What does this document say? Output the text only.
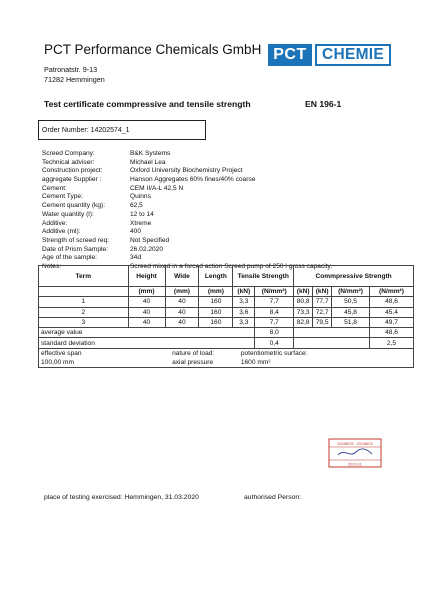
PCT Performance Chemicals GmbH
Patronatstr. 9-13
71282 Hemmingen
PCT CHEMIE
Test certificate commpressive and tensile strength	EN 196-1
Order Number: 14202574_1
Screed Company:	B&K Systems
Technical adviser:	Michael Lea
Construction project:	Oxford University Biochemistry Project
aggregate Supplier :	Hanson Aggregates 60% fines/40% coarse
Cement:	CEM II/A-L 42,5 N
Cement Type:	Quinns
Cement quantity (kg):	62,5
Water quantity (l):	12 to 14
Additive:	Xtreme
Additive (ml):	400
Strength of screed req:	Not Specified
Date of Prism Sample:	26.02.2020
Age of the sample:	34d
Notes:	Screed mixed in a forced action Screed pump of 250 l gross capacity.
Term	Height	Wide	Length	Tensile Strength		Commpressive Strength			
	(mm)	(mm)	(mm)	(kN)	(N/mm²)	(kN)	(kN)	(N/mm²)	(N/mm²)
1	40	40	160	3,3	7,7	80,8	77,7	50,5	48,6
2	40	40	160	3,6	8,4	73,3	72,7	45,8	45,4
3	40	40	160	3,3	7,7	82,8	79,5	51,8	49,7
average value					8,0				48,6
standard deviation					0,4				2,5
effective span	nature of load:			potentiometric surface:					
100,00 mm	axial pressure			1600 mm²					
20198675 · 20198675
2019-11
place of testing exercised: Hemmingen, 31.03.2020	authorised Person:
